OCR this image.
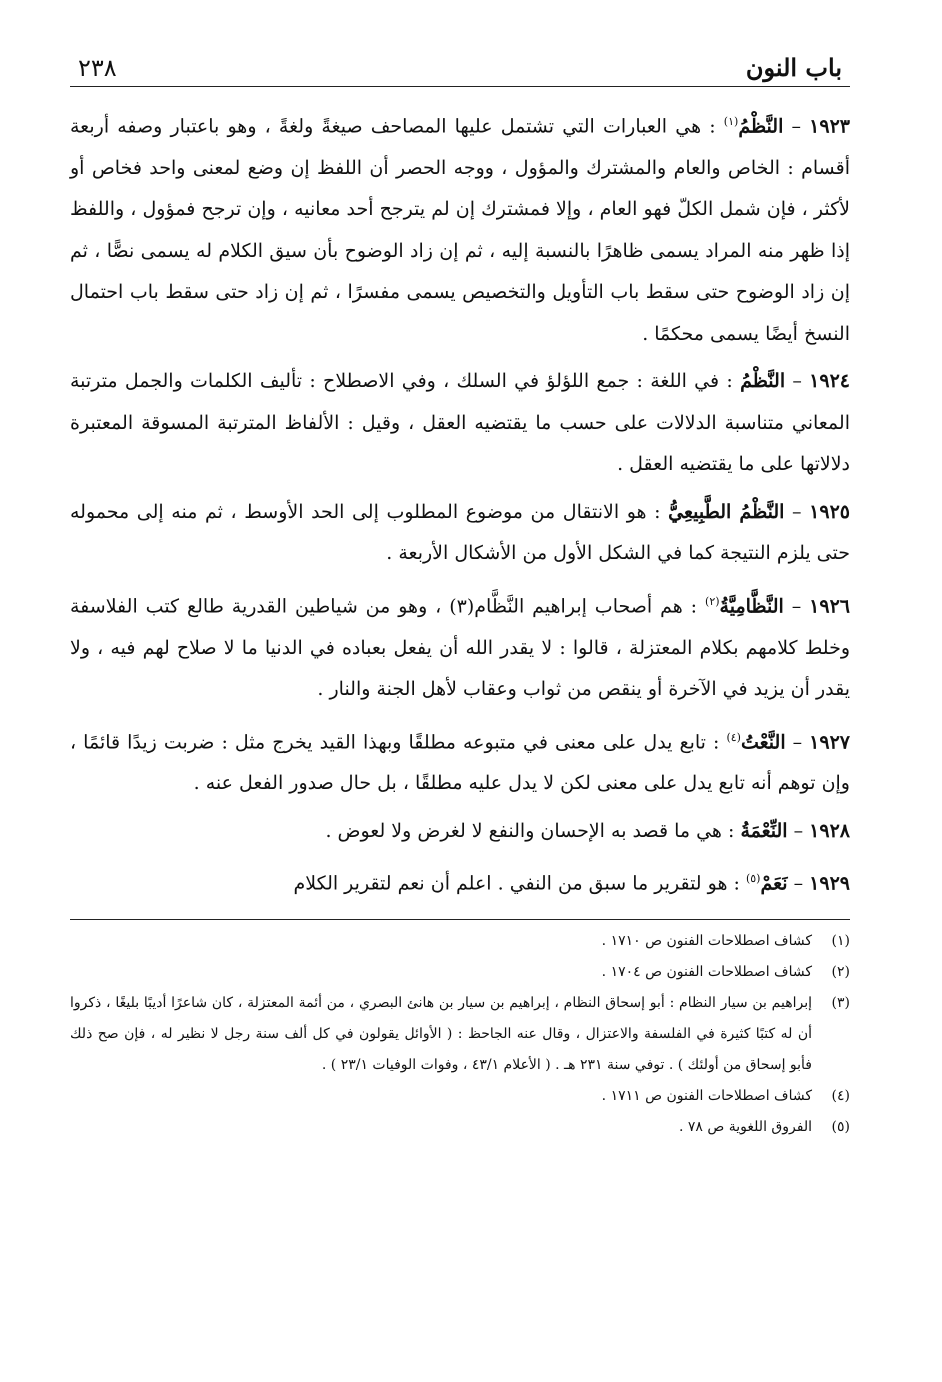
باب النون
٢٣٨

١٩٢٣ – النَّظْمُ$^{(١)}$ : هي العبارات التي تشتمل عليها المصاحف صيغةً ولغةً ، وهو باعتبار وصفه أربعة أقسام : الخاص والعام والمشترك والمؤول ، ووجه الحصر أن اللفظ إن وضع لمعنى واحد فخاص أو لأكثر ، فإن شمل الكلّ فهو العام ، وإلا فمشترك إن لم يترجح أحد معانيه ، وإن ترجح فمؤول ، واللفظ إذا ظهر منه المراد يسمى ظاهرًا بالنسبة إليه ، ثم إن زاد الوضوح بأن سيق الكلام له يسمى نصًّا ، ثم إن زاد الوضوح حتى سقط باب التأويل والتخصيص يسمى مفسرًا ، ثم إن زاد حتى سقط باب احتمال النسخ أيضًا يسمى محكمًا .

١٩٢٤ – النَّظْمُ : في اللغة : جمع اللؤلؤ في السلك ، وفي الاصطلاح : تأليف الكلمات والجمل مترتبة المعاني متناسبة الدلالات على حسب ما يقتضيه العقل ، وقيل : الألفاظ المترتبة المسوقة المعتبرة دلالاتها على ما يقتضيه العقل .

١٩٢٥ – النَّظْمُ الطَّبِيعِيُّ : هو الانتقال من موضوع المطلوب إلى الحد الأوسط ، ثم منه إلى محموله حتى يلزم النتيجة كما في الشكل الأول من الأشكال الأربعة .

١٩٢٦ – النَّظَّامِيَّةُ$^{(٢)}$ : هم أصحاب إبراهيم النَّظَّام(٣) ، وهو من شياطين القدرية طالع كتب الفلاسفة وخلط كلامهم بكلام المعتزلة ، قالوا : لا يقدر الله أن يفعل بعباده في الدنيا ما لا صلاح لهم فيه ، ولا يقدر أن يزيد في الآخرة أو ينقص من ثواب وعقاب لأهل الجنة والنار .

١٩٢٧ – النَّعْتُ$^{(٤)}$ : تابع يدل على معنى في متبوعه مطلقًا وبهذا القيد يخرج مثل : ضربت زيدًا قائمًا ، وإن توهم أنه تابع يدل على معنى لكن لا يدل عليه مطلقًا ، بل حال صدور الفعل عنه .

١٩٢٨ – النِّعْمَةُ : هي ما قصد به الإحسان والنفع لا لغرض ولا لعوض .

١٩٢٩ – نَعَمْ$^{(٥)}$ : هو لتقرير ما سبق من النفي . اعلم أن نعم لتقرير الكلام

(١)
كشاف اصطلاحات الفنون ص ١٧١٠ .
(٢)
كشاف اصطلاحات الفنون ص ١٧٠٤ .
(٣)
إبراهيم بن سيار النظام : أبو إسحاق النظام ، إبراهيم بن سيار بن هانئ البصري ، من أئمة المعتزلة ، كان شاعرًا أديبًا بليغًا ، ذكروا أن له كتبًا كثيرة في الفلسفة والاعتزال ، وقال عنه الجاحظ : ( الأوائل يقولون في كل ألف سنة رجل لا نظير له ، فإن صح ذلك فأبو إسحاق من أولئك ) . توفي سنة ٢٣١ هـ . ( الأعلام ٤٣/١ ، وفوات الوفيات ٢٣/١ ) .
(٤)
كشاف اصطلاحات الفنون ص ١٧١١ .
(٥)
الفروق اللغوية ص ٧٨ .
